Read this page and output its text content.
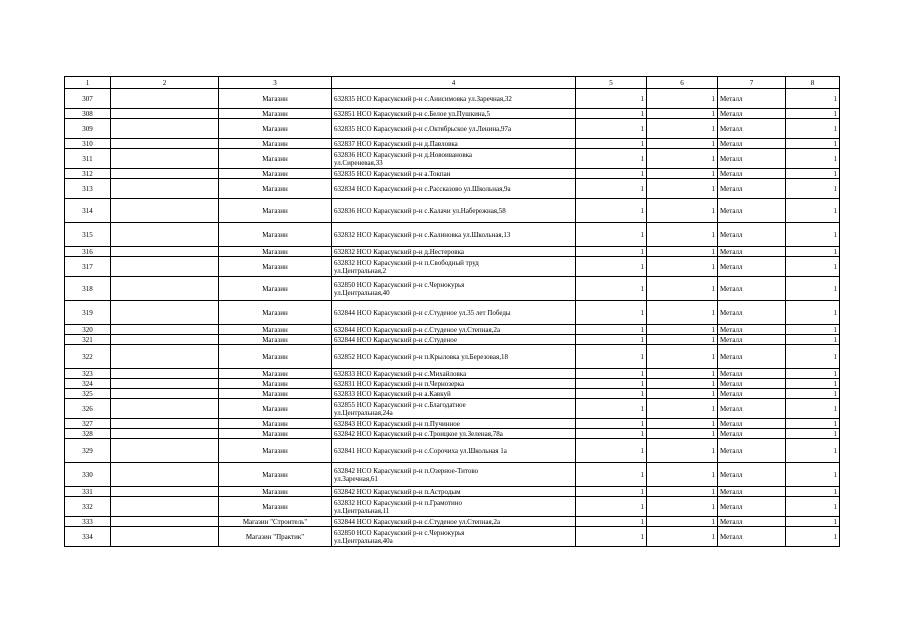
1	2	3	4	5	6	7	8
307		Магазин	632835 НСО Карасукский р-н с.Анисимовка ул.Заречная,32	1	1	Металл	1
308		Магазин	632851 НСО Карасукский р-н с.Белое ул.Пушкина,5	1	1	Металл	1
309		Магазин	632835 НСО Карасукский р-н с.Октябрьское ул.Ленина,97а	1	1	Металл	1
310		Магазин	632837 НСО Карасукский р-н д.Павловка	1	1	Металл	1
311		Магазин	632836 НСО Карасукский р-н д.Новоивановка
ул.Сиреневая,33	1	1	Металл	1
312		Магазин	632835 НСО Карасукский р-н а.Токпан	1	1	Металл	1
313		Магазин	632834 НСО Карасукский р-н с.Рассказово ул.Школьная,9а	1	1	Металл	1
314		Магазин	632836 НСО Карасукский р-н с.Калачи ул.Набережная,58	1	1	Металл	1
315		Магазин	632832 НСО Карасукский р-н с.Калиновка ул.Школьная,13	1	1	Металл	1
316		Магазин	632832 НСО Карасукский р-н д.Нестеровка	1	1	Металл	1
317		Магазин	632832 НСО Карасукский р-н п.Свободный труд
ул.Центральная,2	1	1	Металл	1
318		Магазин	632850 НСО Карасукский р-н с.Чернокурья
ул.Центральная,40	1	1	Металл	1
319		Магазин	632844 НСО Карасукский р-н с.Студеное ул.35 лет Победы	1	1	Металл	1
320		Магазин	632844 НСО Карасукский р-н с.Студеное ул.Степная,2а	1	1	Металл	1
321		Магазин	632844 НСО Карасукский р-н с.Студеное	1	1	Металл	1
322		Магазин	632852 НСО Карасукский р-н п.Крыловка ул.Березовая,18	1	1	Металл	1
323		Магазин	632833 НСО Карасукский р-н с.Михайловка	1	1	Металл	1
324		Магазин	632831 НСО Карасукский р-н п.Чернозерка	1	1	Металл	1
325		Магазин	632833 НСО Карасукский р-н а.Кавкуй	1	1	Металл	1
326		Магазин	632855 НСО Карасукский р-н с.Благодатное
ул.Центральная,24а	1	1	Металл	1
327		Магазин	632843 НСО Карасукский р-н п.Пучинное	1	1	Металл	1
328		Магазин	632842 НСО Карасукский р-н с.Троицкое ул.Зеленая,78а	1	1	Металл	1
329		Магазин	632841 НСО Карасукский р-н с.Сорочиха ул.Школьная 1а	1	1	Металл	1
330		Магазин	632842 НСО Карасукский р-н п.Озерное-Титово
ул.Заречная,61	1	1	Металл	1
331		Магазин	632842 НСО Карасукский р-н п.Астродым	1	1	Металл	1
332		Магазин	632832 НСО Карасукский р-н п.Грамотино
ул.Центральная,11	1	1	Металл	1
333		Магазин "Строитель"	632844 НСО Карасукский р-н с.Студеное ул.Степная,2а	1	1	Металл	1
334		Магазин "Практик"	632850 НСО Карасукский р-н с.Чернокурья
ул.Центральная,40а	1	1	Металл	1
